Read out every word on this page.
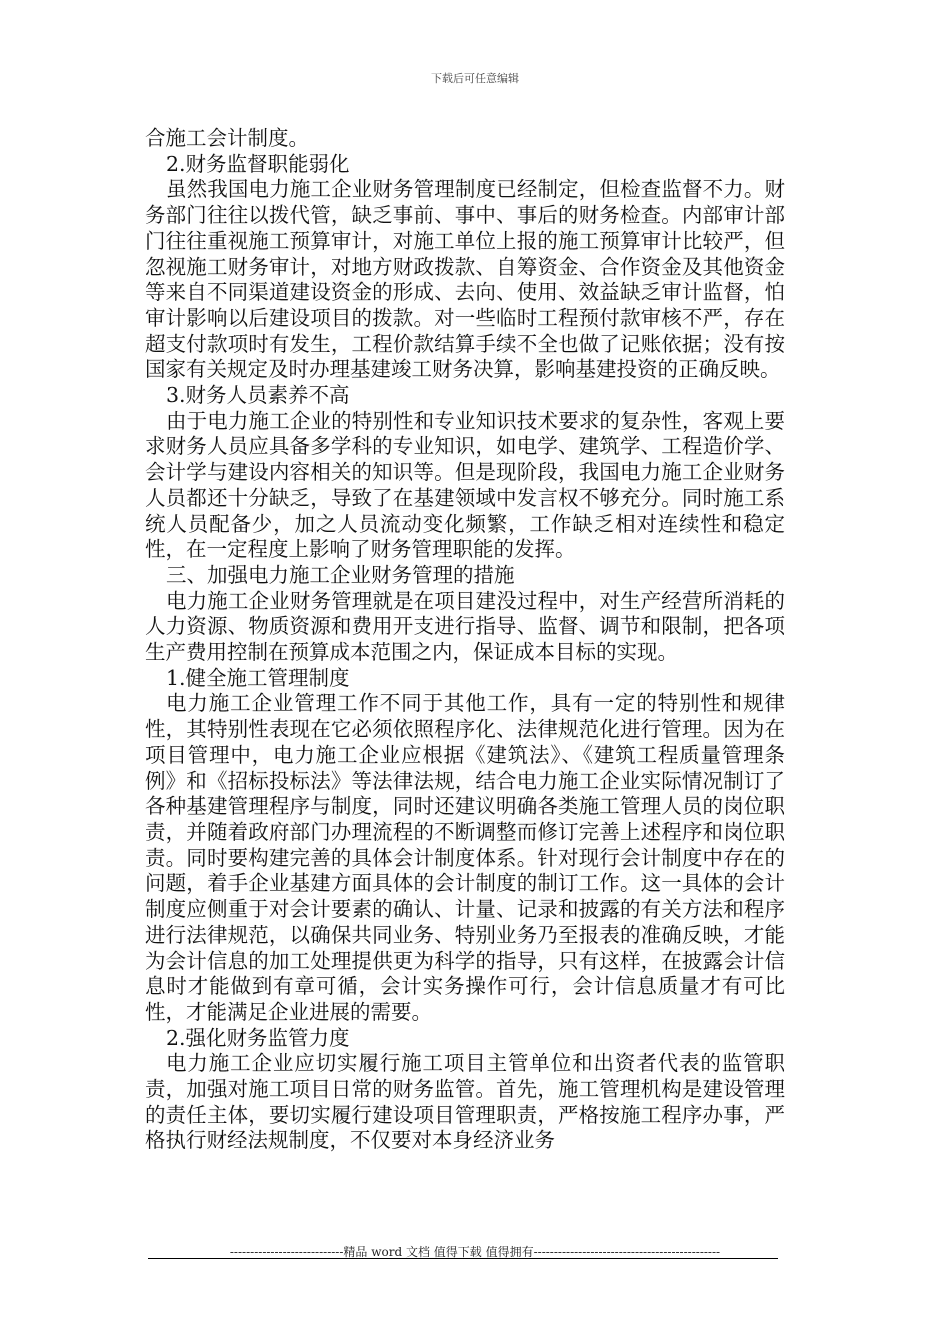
下载后可任意编辑

合施工会计制度。

2.财务监督职能弱化

虽然我国电力施工企业财务管理制度已经制定，但检查监督不力。财务部门往往以拨代管，缺乏事前、事中、事后的财务检查。内部审计部门往往重视施工预算审计，对施工单位上报的施工预算审计比较严，但忽视施工财务审计，对地方财政拨款、自筹资金、合作资金及其他资金等来自不同渠道建设资金的形成、去向、使用、效益缺乏审计监督，怕审计影响以后建设项目的拨款。对一些临时工程预付款审核不严，存在超支付款项时有发生，工程价款结算手续不全也做了记账依据；没有按国家有关规定及时办理基建竣工财务决算，影响基建投资的正确反映。

3.财务人员素养不高

由于电力施工企业的特别性和专业知识技术要求的复杂性，客观上要求财务人员应具备多学科的专业知识，如电学、建筑学、工程造价学、会计学与建设内容相关的知识等。但是现阶段，我国电力施工企业财务人员都还十分缺乏，导致了在基建领域中发言权不够充分。同时施工系统人员配备少，加之人员流动变化频繁，工作缺乏相对连续性和稳定性，在一定程度上影响了财务管理职能的发挥。

三、加强电力施工企业财务管理的措施

电力施工企业财务管理就是在项目建没过程中，对生产经营所消耗的人力资源、物质资源和费用开支进行指导、监督、调节和限制，把各项生产费用控制在预算成本范围之内，保证成本目标的实现。

1.健全施工管理制度

电力施工企业管理工作不同于其他工作，具有一定的特别性和规律性，其特别性表现在它必须依照程序化、法律规范化进行管理。因为在项目管理中，电力施工企业应根据《建筑法》、《建筑工程质量管理条例》和《招标投标法》等法律法规，结合电力施工企业实际情况制订了各种基建管理程序与制度，同时还建议明确各类施工管理人员的岗位职责，并随着政府部门办理流程的不断调整而修订完善上述程序和岗位职责。同时要构建完善的具体会计制度体系。针对现行会计制度中存在的问题，着手企业基建方面具体的会计制度的制订工作。这一具体的会计制度应侧重于对会计要素的确认、计量、记录和披露的有关方法和程序进行法律规范，以确保共同业务、特别业务乃至报表的准确反映，才能为会计信息的加工处理提供更为科学的指导，只有这样，在披露会计信息时才能做到有章可循，会计实务操作可行，会计信息质量才有可比性，才能满足企业进展的需要。

2.强化财务监管力度

电力施工企业应切实履行施工项目主管单位和出资者代表的监管职责，加强对施工项目日常的财务监管。首先，施工管理机构是建设管理的责任主体，要切实履行建设项目管理职责，严格按施工程序办事，严格执行财经法规制度，不仅要对本身经济业务

----------------------------精品 word 文档 值得下载 值得拥有----------------------------------------------
